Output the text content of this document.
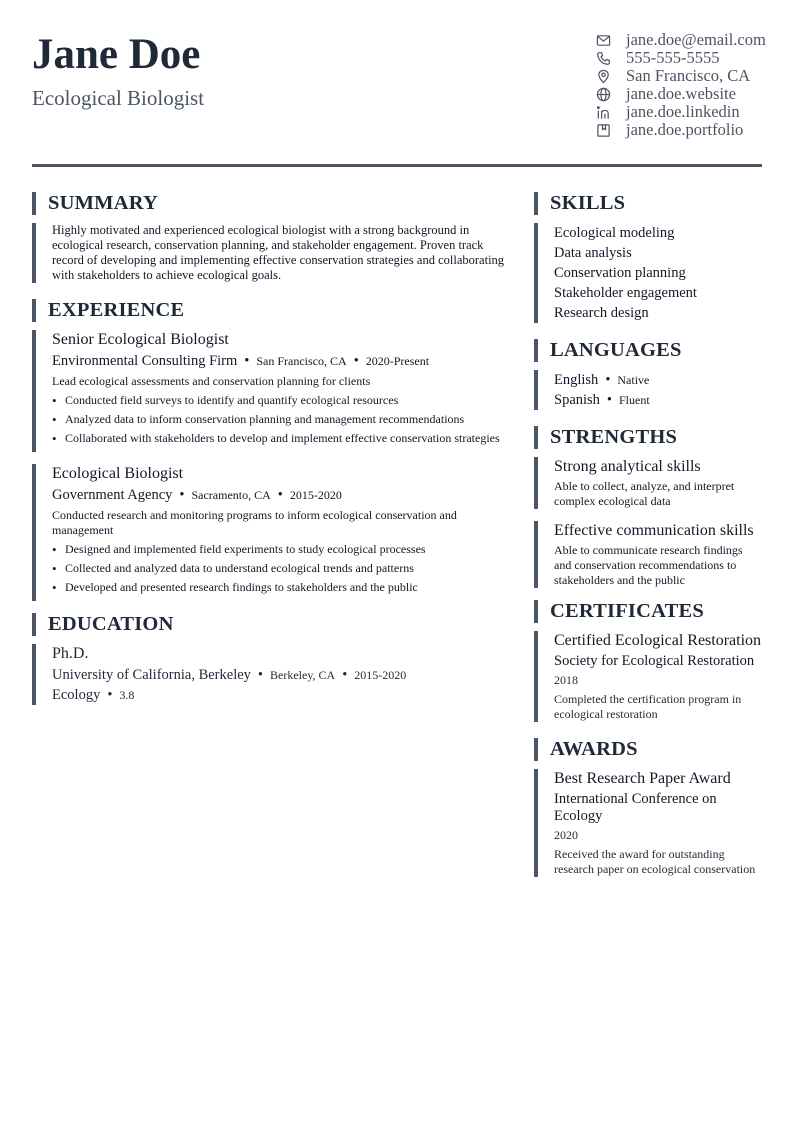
Jane Doe
Ecological Biologist
jane.doe@email.com
555-555-5555
San Francisco, CA
jane.doe.website
jane.doe.linkedin
jane.doe.portfolio
SUMMARY
Highly motivated and experienced ecological biologist with a strong background in ecological research, conservation planning, and stakeholder engagement. Proven track record of developing and implementing effective conservation strategies and collaborating with stakeholders to achieve ecological goals.
EXPERIENCE
Senior Ecological Biologist
Environmental Consulting Firm • San Francisco, CA • 2020-Present
Lead ecological assessments and conservation planning for clients
• Conducted field surveys to identify and quantify ecological resources
• Analyzed data to inform conservation planning and management recommendations
• Collaborated with stakeholders to develop and implement effective conservation strategies
Ecological Biologist
Government Agency • Sacramento, CA • 2015-2020
Conducted research and monitoring programs to inform ecological conservation and management
• Designed and implemented field experiments to study ecological processes
• Collected and analyzed data to understand ecological trends and patterns
• Developed and presented research findings to stakeholders and the public
EDUCATION
Ph.D.
University of California, Berkeley • Berkeley, CA • 2015-2020
Ecology • 3.8
SKILLS
Ecological modeling
Data analysis
Conservation planning
Stakeholder engagement
Research design
LANGUAGES
English • Native
Spanish • Fluent
STRENGTHS
Strong analytical skills
Able to collect, analyze, and interpret complex ecological data
Effective communication skills
Able to communicate research findings and conservation recommendations to stakeholders and the public
CERTIFICATES
Certified Ecological Restoration
Society for Ecological Restoration
2018
Completed the certification program in ecological restoration
AWARDS
Best Research Paper Award
International Conference on Ecology
2020
Received the award for outstanding research paper on ecological conservation
